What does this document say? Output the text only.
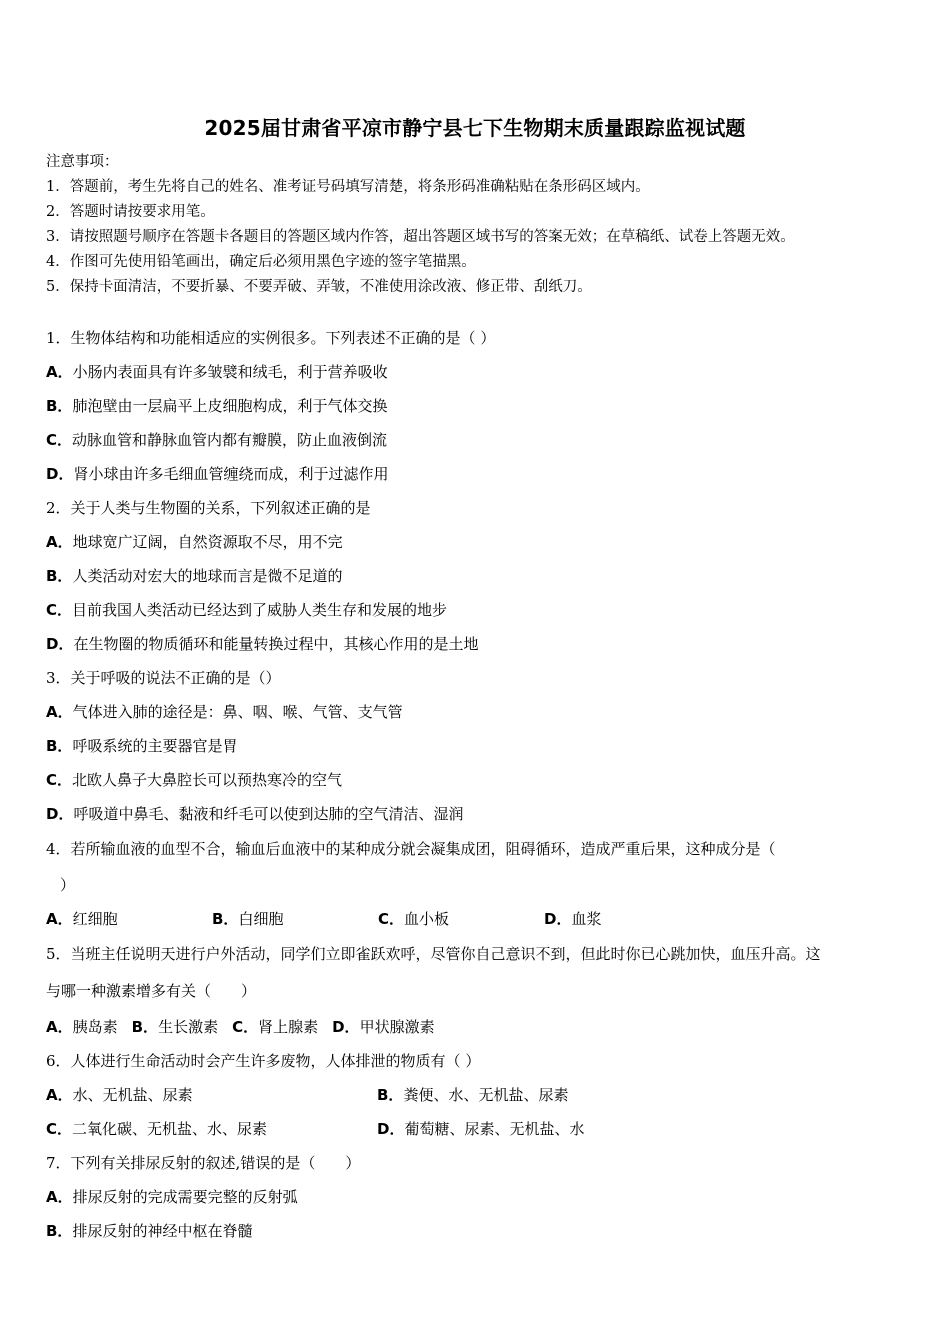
2025届甘肃省平凉市静宁县七下生物期末质量跟踪监视试题
注意事项：
1．答题前，考生先将自己的姓名、准考证号码填写清楚，将条形码准确粘贴在条形码区域内。
2．答题时请按要求用笔。
3．请按照题号顺序在答题卡各题目的答题区域内作答，超出答题区域书写的答案无效；在草稿纸、试卷上答题无效。
4．作图可先使用铅笔画出，确定后必须用黑色字迹的签字笔描黑。
5．保持卡面清洁，不要折暴、不要弄破、弄皱，不准使用涂改液、修正带、刮纸刀。
1．生物体结构和功能相适应的实例很多。下列表述不正确的是（ ）
A．小肠内表面具有许多皱襞和绒毛，利于营养吸收
B．肺泡壁由一层扁平上皮细胞构成，利于气体交换
C．动脉血管和静脉血管内都有瓣膜，防止血液倒流
D．肾小球由许多毛细血管缠绕而成，利于过滤作用
2．关于人类与生物圈的关系，下列叙述正确的是
A．地球宽广辽阔，自然资源取不尽，用不完
B．人类活动对宏大的地球而言是微不足道的
C．目前我国人类活动已经达到了威胁人类生存和发展的地步
D．在生物圈的物质循环和能量转换过程中，其核心作用的是土地
3．关于呼吸的说法不正确的是（）
A．气体进入肺的途径是：鼻、咽、喉、气管、支气管
B．呼吸系统的主要器官是胃
C．北欧人鼻子大鼻腔长可以预热寒冷的空气
D．呼吸道中鼻毛、黏液和纤毛可以使到达肺的空气清洁、湿润
4．若所输血液的血型不合，输血后血液中的某种成分就会凝集成团，阻碍循环，造成严重后果，这种成分是（
）
A．红细胞	B．白细胞	C．血小板	D．血浆
5．当班主任说明天进行户外活动，同学们立即雀跃欢呼，尽管你自己意识不到，但此时你已心跳加快，血压升高。这
与哪一种激素增多有关（　　）
A．胰岛素 B．生长激素 C．肾上腺素 D．甲状腺激素
6．人体进行生命活动时会产生许多废物，人体排泄的物质有（ ）
A．水、无机盐、尿素	B．粪便、水、无机盐、尿素
C．二氧化碳、无机盐、水、尿素	D．葡萄糖、尿素、无机盐、水
7．下列有关排尿反射的叙述,错误的是（　　）
A．排尿反射的完成需要完整的反射弧
B．排尿反射的神经中枢在脊髓
